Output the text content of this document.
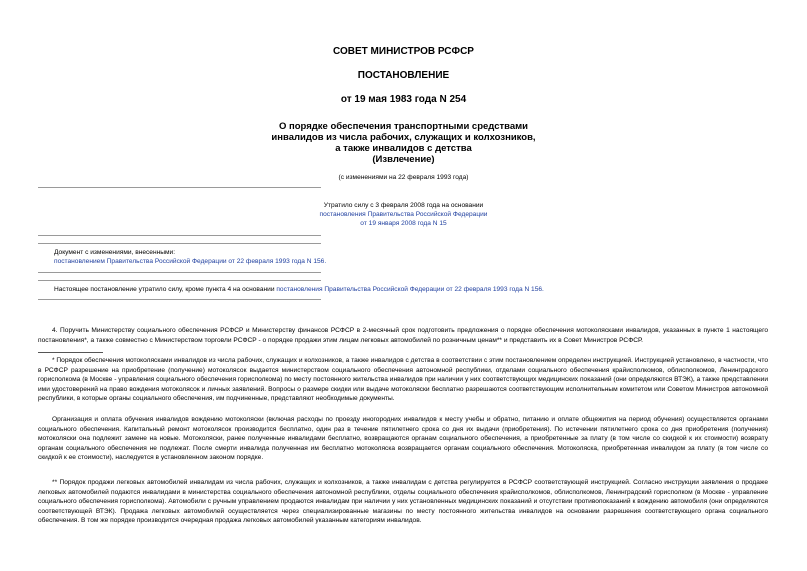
СОВЕТ МИНИСТРОВ РСФСР
ПОСТАНОВЛЕНИЕ
от 19 мая 1983 года N 254
О порядке обеспечения транспортными средствами
инвалидов из числа рабочих, служащих и колхозников,
а также инвалидов с детства
(Извлечение)
(с изменениями на 22 февраля 1993 года)
Утратило силу с 3 февраля 2008 года на основании
постановления Правительства Российской Федерации
от 19 января 2008 года N 15
Документ с изменениями, внесенными:
постановлением Правительства Российской Федерации от 22 февраля 1993 года N 156.
Настоящее постановление утратило силу, кроме пункта 4 на основании постановления Правительства Российской Федерации от 22 февраля 1993 года N 156.

4. Поручить Министерству социального обеспечения РСФСР и Министерству финансов РСФСР в 2-месячный срок подготовить предложения о порядке обеспечения мотоколясками инвалидов, указанных в пункте 1 настоящего постановления*, а также совместно с Министерством торговли РСФСР - о порядке продажи этим лицам легковых автомобилей по розничным ценам** и представить их в Совет Министров РСФСР.

* Порядок обеспечения мотоколясками инвалидов из числа рабочих, служащих и колхозников, а также инвалидов с детства в соответствии с этим постановлением определен инструкцией. Инструкцией установлено, в частности, что в РСФСР разрешение на приобретение (получение) мотоколясок выдается министерством социального обеспечения автономной республики, отделами социального обеспечения крайисполкомов, облисполкомов, Ленинградского горисполкома (в Москве - управления социального обеспечения горисполкома) по месту постоянного жительства инвалидов при наличии у них соответствующих медицинских показаний (они определяются ВТЭК), а также представлении ими удостоверений на право вождения мотоколясок и личных заявлений. Вопросы о размере скидки или выдаче мотоколяски бесплатно разрешаются соответствующим исполнительным комитетом или Советом Министров автономной республики, в которые органы социального обеспечения, им подчиненные, представляют необходимые документы.

Организация и оплата обучения инвалидов вождению мотоколяски (включая расходы по проезду иногородних инвалидов к месту учебы и обратно, питанию и оплате общежития на период обучения) осуществляется органами социального обеспечения. Капитальный ремонт мотоколясок производится бесплатно, один раз в течение пятилетнего срока со дня их выдачи (приобретения). По истечении пятилетнего срока со дня приобретения (получения) мотоколяски она подлежит замене на новые. Мотоколяски, ранее полученные инвалидами бесплатно, возвращаются органам социального обеспечения, а приобретенные за плату (в том числе со скидкой к их стоимости) возврату органам социального обеспечения не подлежат. После смерти инвалида полученная им бесплатно мотоколяска возвращается органам социального обеспечения. Мотоколяска, приобретенная инвалидом за плату (в том числе со скидкой к ее стоимости), наследуется в установленном законом порядке.

** Порядок продажи легковых автомобилей инвалидам из числа рабочих, служащих и колхозников, а также инвалидам с детства регулируется в РСФСР соответствующей инструкцией. Согласно инструкции заявления о продаже легковых автомобилей подаются инвалидами в министерства социального обеспечения автономной республики, отделы социального обеспечения крайисполкомов, облисполкомов, Ленинградский горисполком (в Москве - управление социального обеспечения горисполкома). Автомобили с ручным управлением продаются инвалидам при наличии у них установленных медицинских показаний и отсутствии противопоказаний к вождению автомобиля (они определяются соответствующей ВТЭК). Продажа легковых автомобилей осуществляется через специализированные магазины по месту постоянного жительства инвалидов на основании разрешения соответствующего органа социального обеспечения. В том же порядке производится очередная продажа легковых автомобилей указанным категориям инвалидов.
